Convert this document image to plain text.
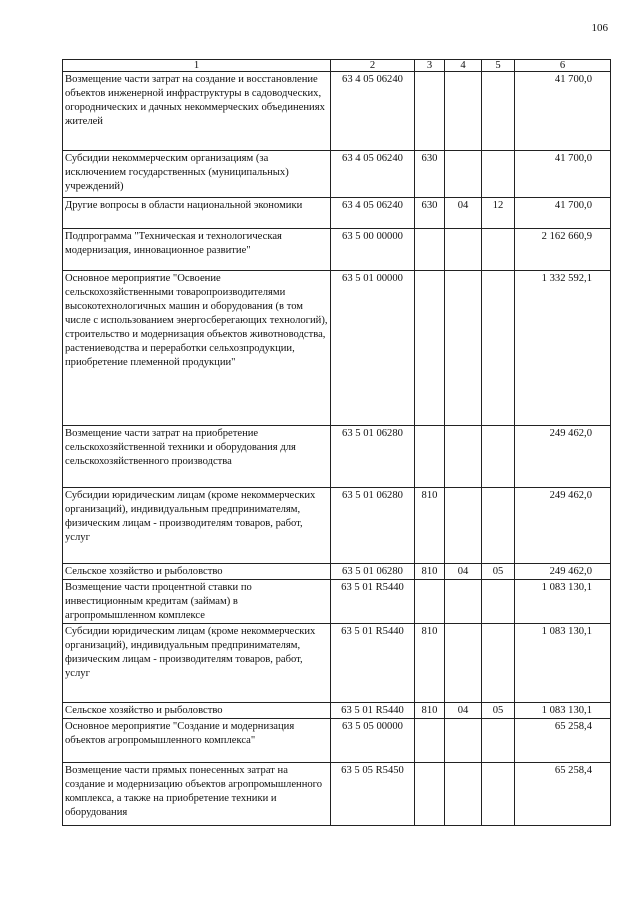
106
1	2	3	4	5	6
Возмещение части затрат на создание и восстановление объектов инженерной инфраструктуры в садоводческих, огороднических и дачных некоммерческих объединениях жителей	63 4 05 06240				41 700,0
Субсидии некоммерческим организациям (за исключением государственных (муниципальных) учреждений)	63 4 05 06240	630			41 700,0
Другие вопросы в области национальной экономики	63 4 05 06240	630	04	12	41 700,0
Подпрограмма "Техническая и технологическая модернизация, инновационное развитие"	63 5 00 00000				2 162 660,9
Основное мероприятие "Освоение сельскохозяйственными товаропроизводителями высокотехнологичных машин и оборудования (в том числе с использованием энергосберегающих технологий), строительство и модернизация объектов животноводства, растениеводства и переработки сельхозпродукции, приобретение племенной продукции"	63 5 01 00000				1 332 592,1
Возмещение части затрат на приобретение сельскохозяйственной техники и оборудования для сельскохозяйственного производства	63 5 01 06280				249 462,0
Субсидии юридическим лицам (кроме некоммерческих организаций), индивидуальным предпринимателям, физическим лицам - производителям товаров, работ, услуг	63 5 01 06280	810			249 462,0
Сельское хозяйство и рыболовство	63 5 01 06280	810	04	05	249 462,0
Возмещение части процентной ставки по инвестиционным кредитам (займам) в агропромышленном комплексе	63 5 01 R5440				1 083 130,1
Субсидии юридическим лицам (кроме некоммерческих организаций), индивидуальным предпринимателям, физическим лицам - производителям товаров, работ, услуг	63 5 01 R5440	810			1 083 130,1
Сельское хозяйство и рыболовство	63 5 01 R5440	810	04	05	1 083 130,1
Основное мероприятие "Создание и модернизация объектов агропромышленного комплекса"	63 5 05 00000				65 258,4
Возмещение части прямых понесенных затрат на создание и модернизацию объектов агропромышленного комплекса, а также на приобретение техники и оборудования	63 5 05 R5450				65 258,4
